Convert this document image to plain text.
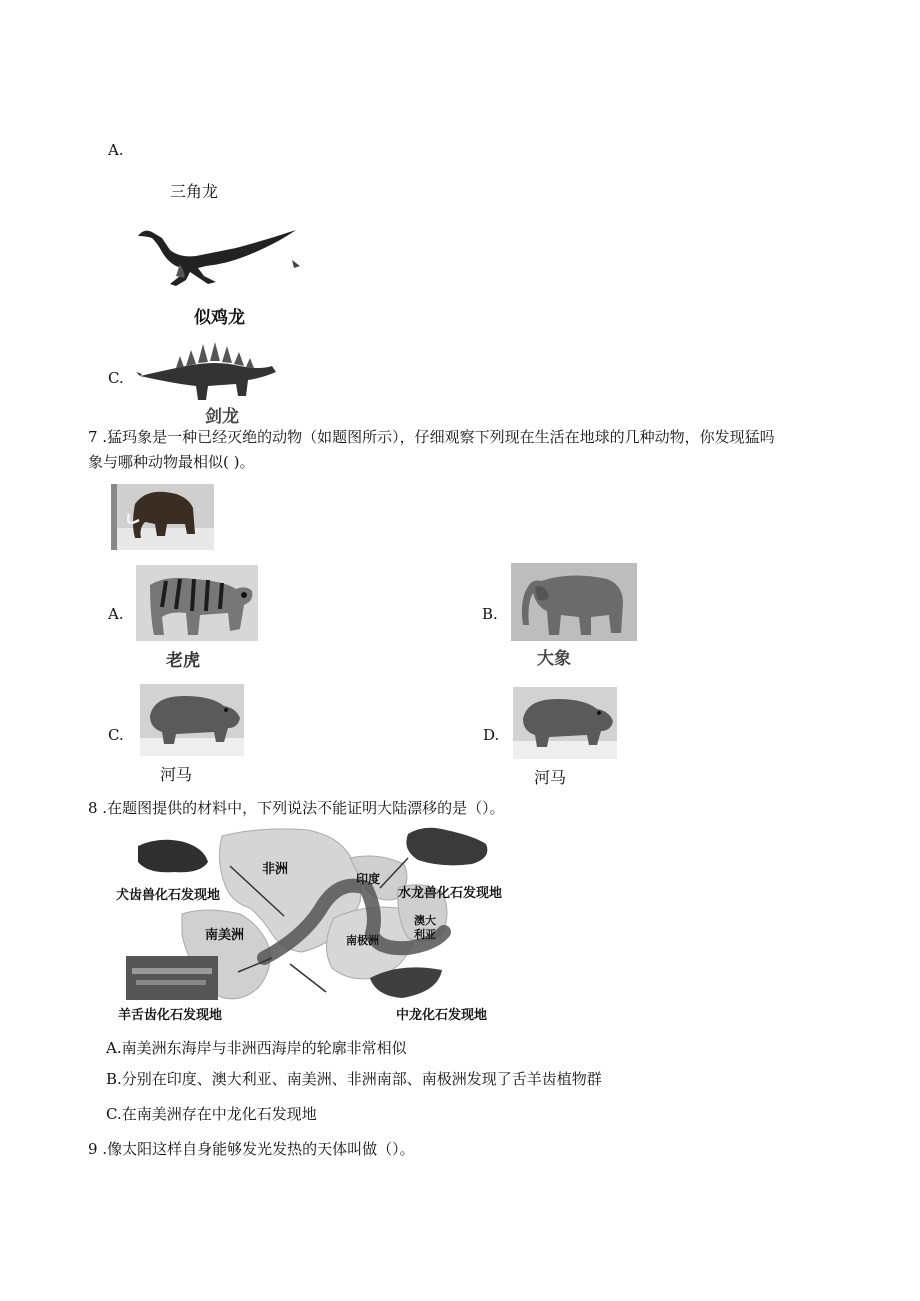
A.
三角龙
似鸡龙
C.
剑龙
7 .猛玛象是一种已经灭绝的动物（如题图所示），仔细观察下列现在生活在地球的几种动物，你发现猛吗
象与哪种动物最相似( )。
A.
老虎
B.
大象
C.
河马
D.
河马
8 .在题图提供的材料中，下列说法不能证明大陆漂移的是（）。
非洲
印度
南美洲	南极洲
澳大
利亚
犬齿兽化石发现地	水龙兽化石发现地
羊舌齿化石发现地	中龙化石发现地
A.南美洲东海岸与非洲西海岸的轮廓非常相似
B.分别在印度、澳大利亚、南美洲、非洲南部、南极洲发现了舌羊齿植物群
C.在南美洲存在中龙化石发现地
9 .像太阳这样自身能够发光发热的天体叫做（）。
